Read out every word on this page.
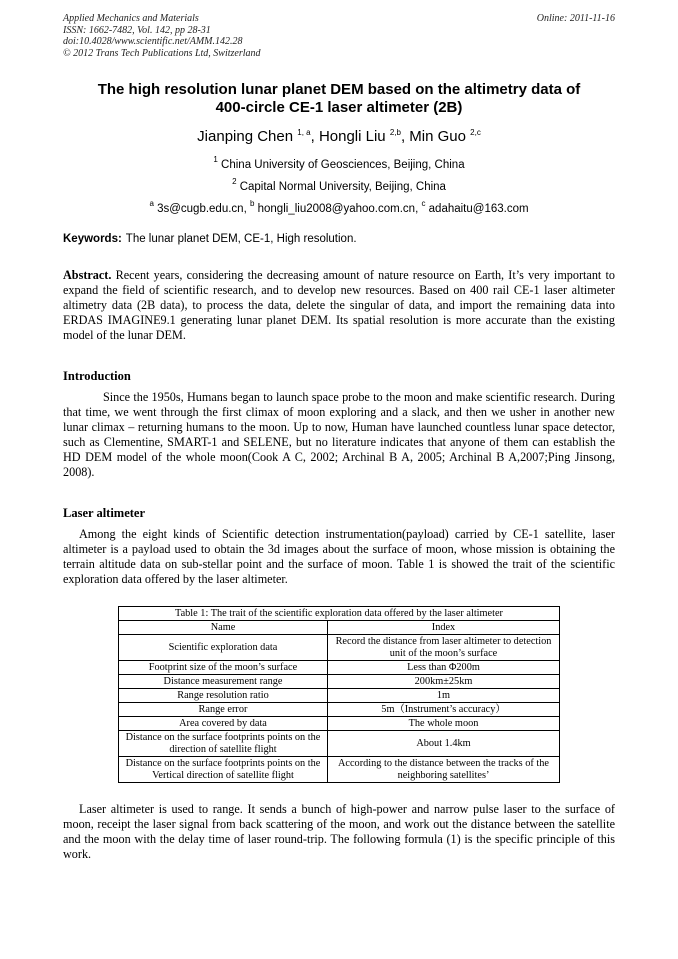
Applied Mechanics and Materials
ISSN: 1662-7482, Vol. 142, pp 28-31
doi:10.4028/www.scientific.net/AMM.142.28
© 2012 Trans Tech Publications Ltd, Switzerland
Online: 2011-11-16
The high resolution lunar planet DEM based on the altimetry data of
400-circle CE-1 laser altimeter (2B)
Jianping Chen $^{1, a}$, Hongli Liu $^{2,b}$, Min Guo $^{2,c}$
$^1$ China University of Geosciences, Beijing, China
$^2$ Capital Normal University, Beijing, China
$^a$ 3s@cugb.edu.cn, $^b$ hongli_liu2008@yahoo.com.cn, $^c$ adahaitu@163.com
Keywords: The lunar planet DEM, CE-1, High resolution.
Abstract. Recent years, considering the decreasing amount of nature resource on Earth, It’s very important to expand the field of scientific research, and to develop new resources. Based on 400 rail CE-1 laser altimeter altimetry data (2B data), to process the data, delete the singular of data, and import the remaining data into ERDAS IMAGINE9.1 generating lunar planet DEM. Its spatial resolution is more accurate than the existing model of the lunar DEM.
Introduction
Since the 1950s, Humans began to launch space probe to the moon and make scientific research. During that time, we went through the first climax of moon exploring and a slack, and then we usher in another new lunar climax – returning humans to the moon. Up to now, Human have launched countless lunar space detector, such as Clementine, SMART-1 and SELENE, but no literature indicates that anyone of them can establish the HD DEM model of the whole moon(Cook A C, 2002; Archinal B A, 2005; Archinal B A,2007;Ping Jinsong, 2008).
Laser altimeter
Among the eight kinds of Scientific detection instrumentation(payload) carried by CE-1 satellite, laser altimeter is a payload used to obtain the 3d images about the surface of moon, whose mission is obtaining the terrain altitude data on sub-stellar point and the surface of moon. Table 1 is showed the trait of the scientific exploration data offered by the laser altimeter.
Table 1: The trait of the scientific exploration data offered by the laser altimeter	
Name	Index
Scientific exploration data	Record the distance from laser altimeter to detection unit of the moon’s surface
Footprint size of the moon’s surface	Less than Φ200m
Distance measurement range	200km±25km
Range resolution ratio	1m
Range error	5m（Instrument’s accuracy）
Area covered by data	The whole moon
Distance on the surface footprints points on the direction of satellite flight	About 1.4km
Distance on the surface footprints points on the Vertical direction of satellite flight	According to the distance between the tracks of the neighboring satellites’
Laser altimeter is used to range. It sends a bunch of high-power and narrow pulse laser to the surface of moon, receipt the laser signal from back scattering of the moon, and work out the distance between the satellite and the moon with the delay time of laser round-trip. The following formula (1) is the specific principle of this work.
